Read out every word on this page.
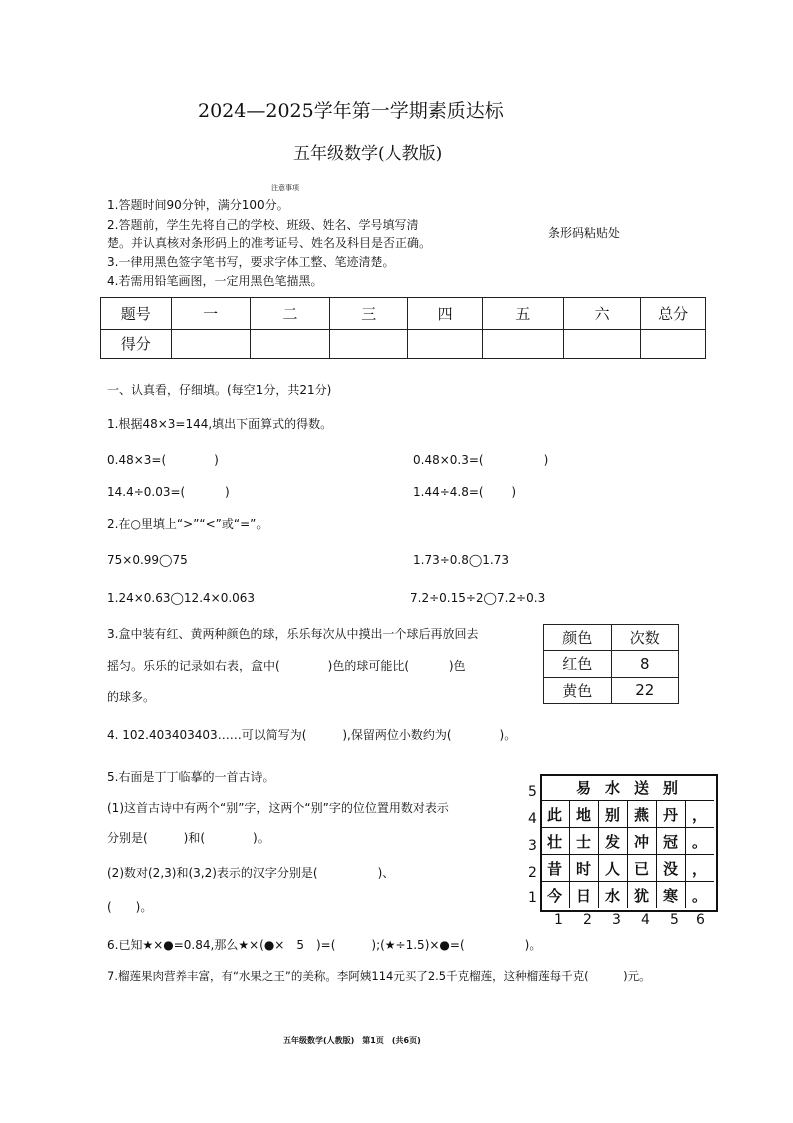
2024—2025学年第一学期素质达标
五年级数学(人教版)
注意事项
1.答题时间90分钟，满分100分。
2.答题前，学生先将自己的学校、班级、姓名、学号填写清
楚。并认真核对条形码上的准考证号、姓名及科目是否正确。
3.一律用黑色签字笔书写，要求字体工整、笔迹清楚。
4.若需用铅笔画图，一定用黑色笔描黑。
条形码粘贴处
题号	一	二	三	四	五	六	总分
得分							
一、认真看，仔细填。(每空1分，共21分)
1.根据48×3=144,填出下面算式的得数。
0.48×3=(　　　　)	0.48×0.3=(　　　　　)
14.4÷0.03=(　　　 )	1.44÷4.8=(　　 )
2.在○里填上“>”“<”或“=”。
75×0.99◯75	1.73÷0.8◯1.73
1.24×0.63◯12.4×0.063	7.2÷0.15÷2◯7.2÷0.3
3.盒中装有红、黄两种颜色的球，乐乐每次从中摸出一个球后再放回去
摇匀。乐乐的记录如右表，盒中(　　　　)色的球可能比(　　　 )色
的球多。
颜色	次数
红色	8
黄色	22
4. 102.403403403……可以简写为(　　　),保留两位小数约为(　　　　)。
5.右面是丁丁临摹的一首古诗。
(1)这首古诗中有两个“别”字，这两个“别”字的位位置用数对表示
分别是(　　　)和(　　　　)。
(2)数对(2,3)和(3,2)表示的汉字分别是(　　　　　)、
(　　)。
易 水 送 别
此 地 别 燕 丹 ，
壮 士 发 冲 冠 。
昔 时 人 已 没 ，
今 日 水 犹 寒 。
5
4
3
2
1
1 2 3 4 5 6
6.已知★×●=0.84,那么★×(●×　5　)=(　　　);(★÷1.5)×●=(　　　　　)。
7.榴莲果肉营养丰富，有“水果之王”的美称。李阿姨114元买了2.5千克榴莲，这种榴莲每千克(　　　)元。
五年级数学(人教版)　第1页　(共6页)
